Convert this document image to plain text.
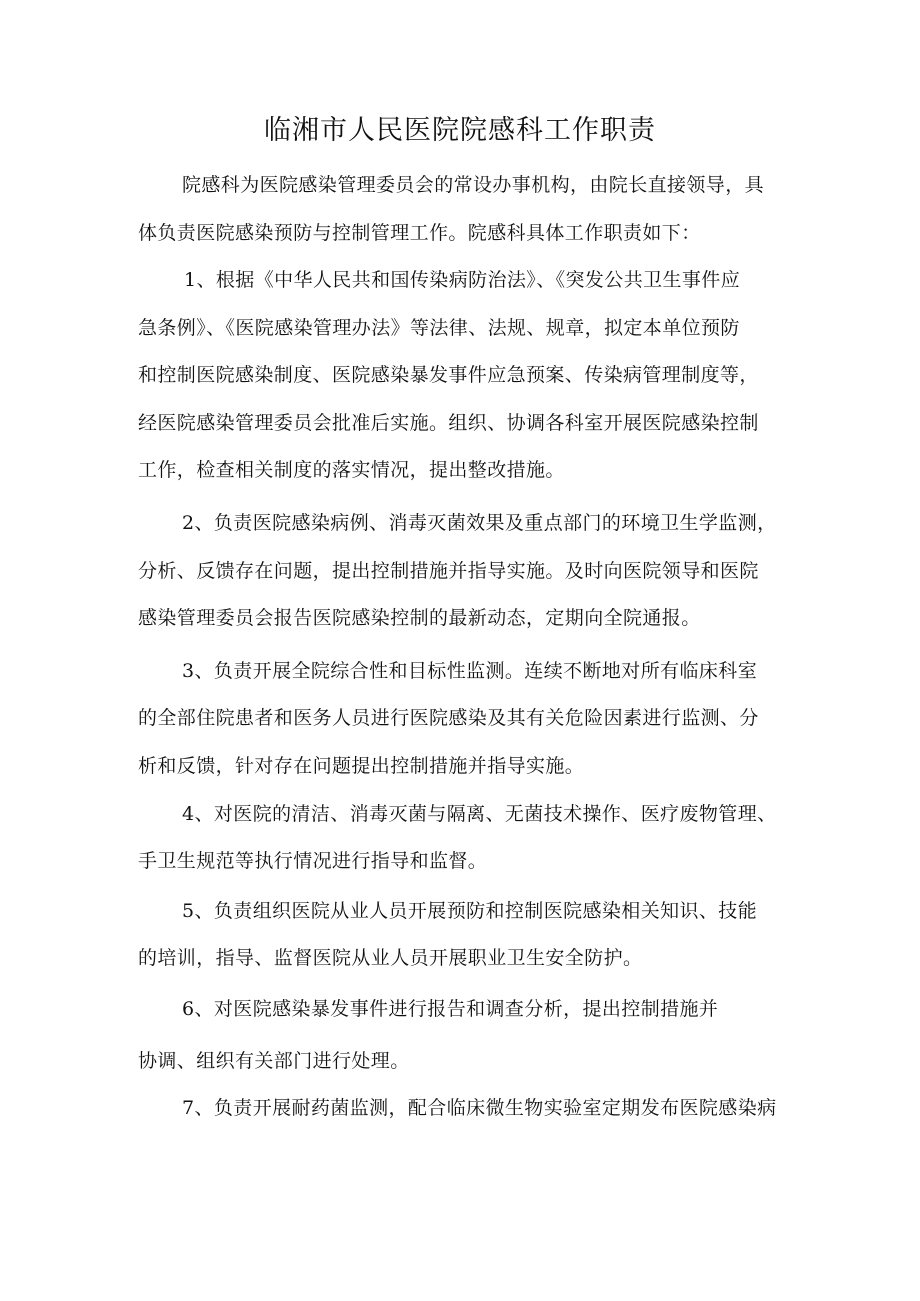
临湘市人民医院院感科工作职责
院感科为医院感染管理委员会的常设办事机构，由院长直接领导，具
体负责医院感染预防与控制管理工作。院感科具体工作职责如下：
1、根据《中华人民共和国传染病防治法》、《突发公共卫生事件应
急条例》、《医院感染管理办法》等法律、法规、规章，拟定本单位预防
和控制医院感染制度、医院感染暴发事件应急预案、传染病管理制度等，
经医院感染管理委员会批准后实施。组织、协调各科室开展医院感染控制
工作，检查相关制度的落实情况，提出整改措施。
2、负责医院感染病例、消毒灭菌效果及重点部门的环境卫生学监测，
分析、反馈存在问题，提出控制措施并指导实施。及时向医院领导和医院
感染管理委员会报告医院感染控制的最新动态，定期向全院通报。
3、负责开展全院综合性和目标性监测。连续不断地对所有临床科室
的全部住院患者和医务人员进行医院感染及其有关危险因素进行监测、分
析和反馈，针对存在问题提出控制措施并指导实施。
4、对医院的清洁、消毒灭菌与隔离、无菌技术操作、医疗废物管理、
手卫生规范等执行情况进行指导和监督。
5、负责组织医院从业人员开展预防和控制医院感染相关知识、技能
的培训，指导、监督医院从业人员开展职业卫生安全防护。
6、对医院感染暴发事件进行报告和调查分析，提出控制措施并
协调、组织有关部门进行处理。
7、负责开展耐药菌监测，配合临床微生物实验室定期发布医院感染病
